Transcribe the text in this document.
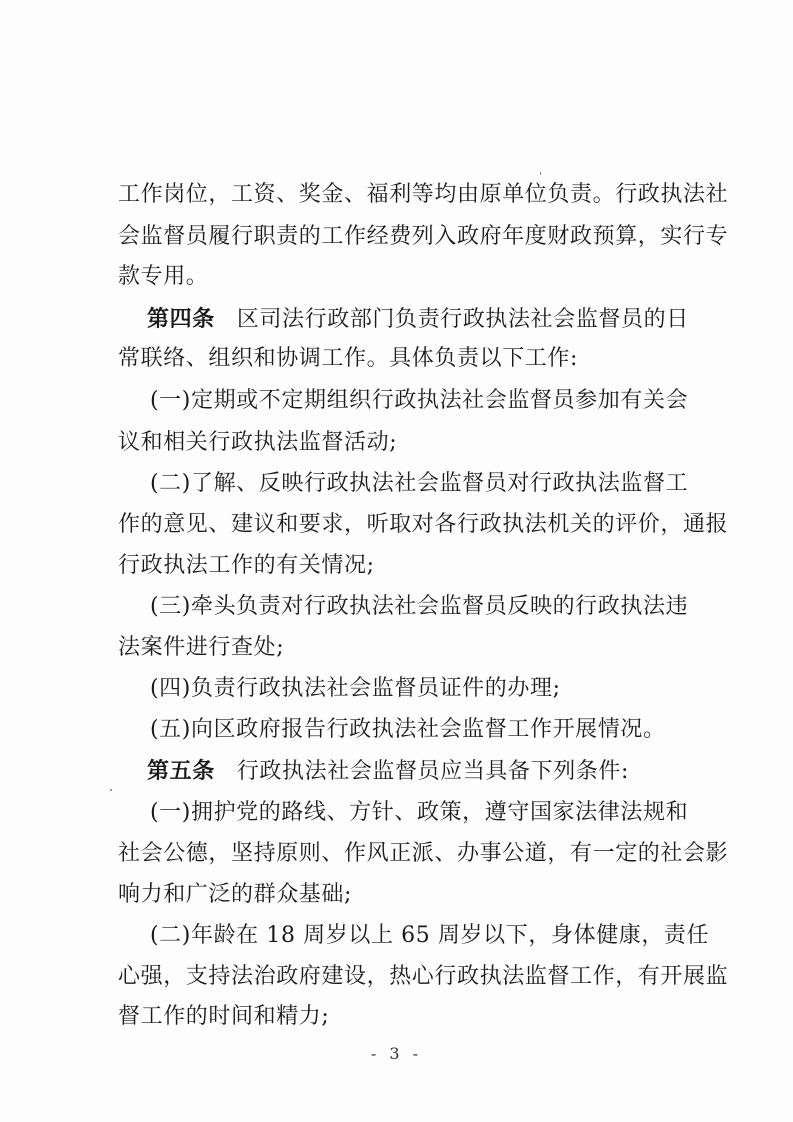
工作岗位，工资、奖金、福利等均由原单位负责。行政执法社
会监督员履行职责的工作经费列入政府年度财政预算，实行专
款专用。
第四条 区司法行政部门负责行政执法社会监督员的日
常联络、组织和协调工作。具体负责以下工作:
(一)定期或不定期组织行政执法社会监督员参加有关会
议和相关行政执法监督活动;
(二)了解、反映行政执法社会监督员对行政执法监督工
作的意见、建议和要求，听取对各行政执法机关的评价，通报
行政执法工作的有关情况;
(三)牵头负责对行政执法社会监督员反映的行政执法违
法案件进行查处;
(四)负责行政执法社会监督员证件的办理;
(五)向区政府报告行政执法社会监督工作开展情况。
第五条 行政执法社会监督员应当具备下列条件:
(一)拥护党的路线、方针、政策，遵守国家法律法规和
社会公德，坚持原则、作风正派、办事公道，有一定的社会影
响力和广泛的群众基础;
(二)年龄在 18 周岁以上 65 周岁以下，身体健康，责任
心强，支持法治政府建设，热心行政执法监督工作，有开展监
督工作的时间和精力;
- 3 -
